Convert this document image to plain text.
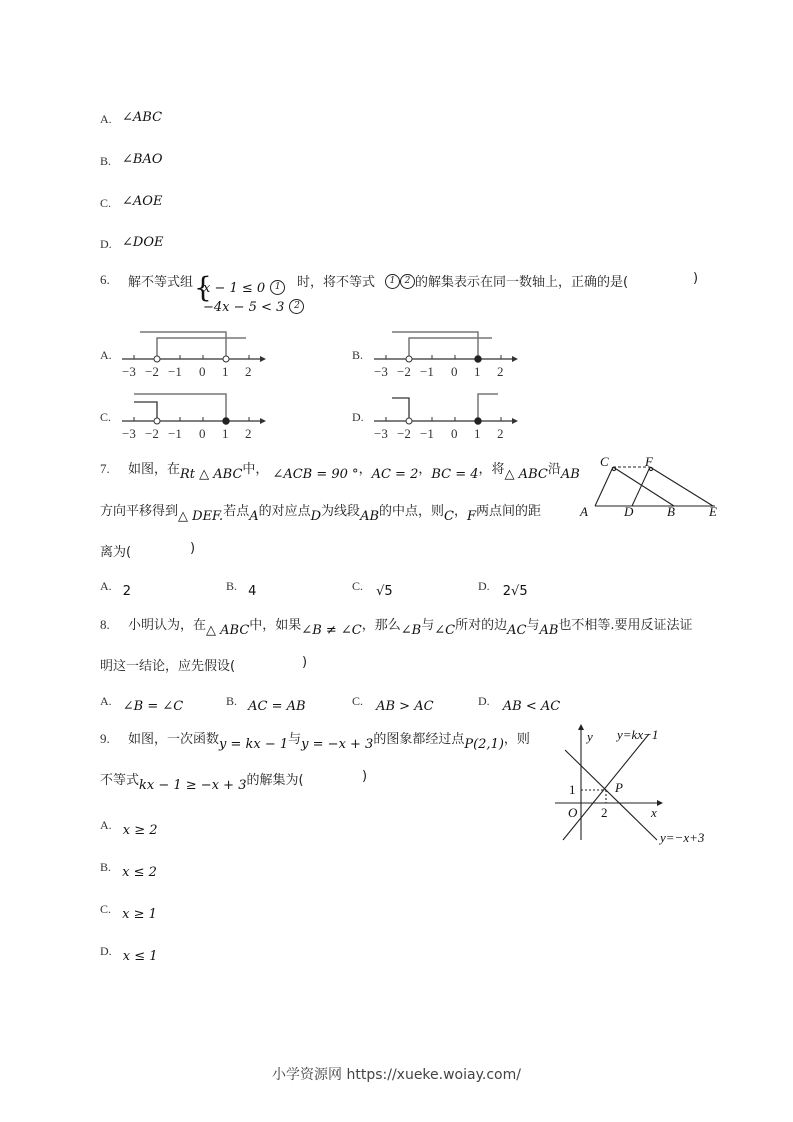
A. ∠ABC
B. ∠BAO
C. ∠AOE
D. ∠DOE
6. 解不等式组 {
x − 1 ≤ 0 1
−4x − 5 < 3 2
时，将不等式	1 2 的解集表示在同一数轴上，正确的是(	)
A.
−3 −2 −1 0 1 2
B.
−3 −2 −1 0 1 2
C.
−3 −2 −1 0 1 2
D.
−3 −2 −1 0 1 2
7. 如图，在$_{Rt \triangle ABC}$中， $_{\angle ACB = 90 ^\circ}$，$_{AC = 2}$，$_{BC = 4}$，将$_{\triangle ABC}$沿$_{AB}$
方向平移得到$_{\triangle DEF.}$若点$_A$的对应点$_D$为线段$_{AB}$的中点，则$_C$，$_F$两点间的距
离为(	)
C	F
A	D	B	E
A. $_2$	B. $_4$	C. $_{√5}$	D. $_{2√5}$
8. 小明认为，在$_{\triangle ABC}$中，如果$_{\angle B \ne \angle C}$，那么$_{\angle B}$与$_{\angle C}$所对的边$_{AC}$与$_{AB}$也不相等.要用反证法证
明这一结论，应先假设(	)
A. $_{\angle B = \angle C}$	B. $_{AC = AB}$	C. $_{AB > AC}$	D. $_{AB < AC}$
9. 如图，一次函数$_{y = kx - 1}$与$_{y = -x + 3}$的图象都经过点$_{P(2,1)}$，则
不等式$_{kx - 1 \ge -x + 3}$的解集为(	)
y
x
O
P
y=kx−1
y=−x+3
2
1
A. $_{x \ge 2}$
B. $_{x \le 2}$
C. $_{x \ge 1}$
D. $_{x \le 1}$
小学资源网 https://xueke.woiay.com/
